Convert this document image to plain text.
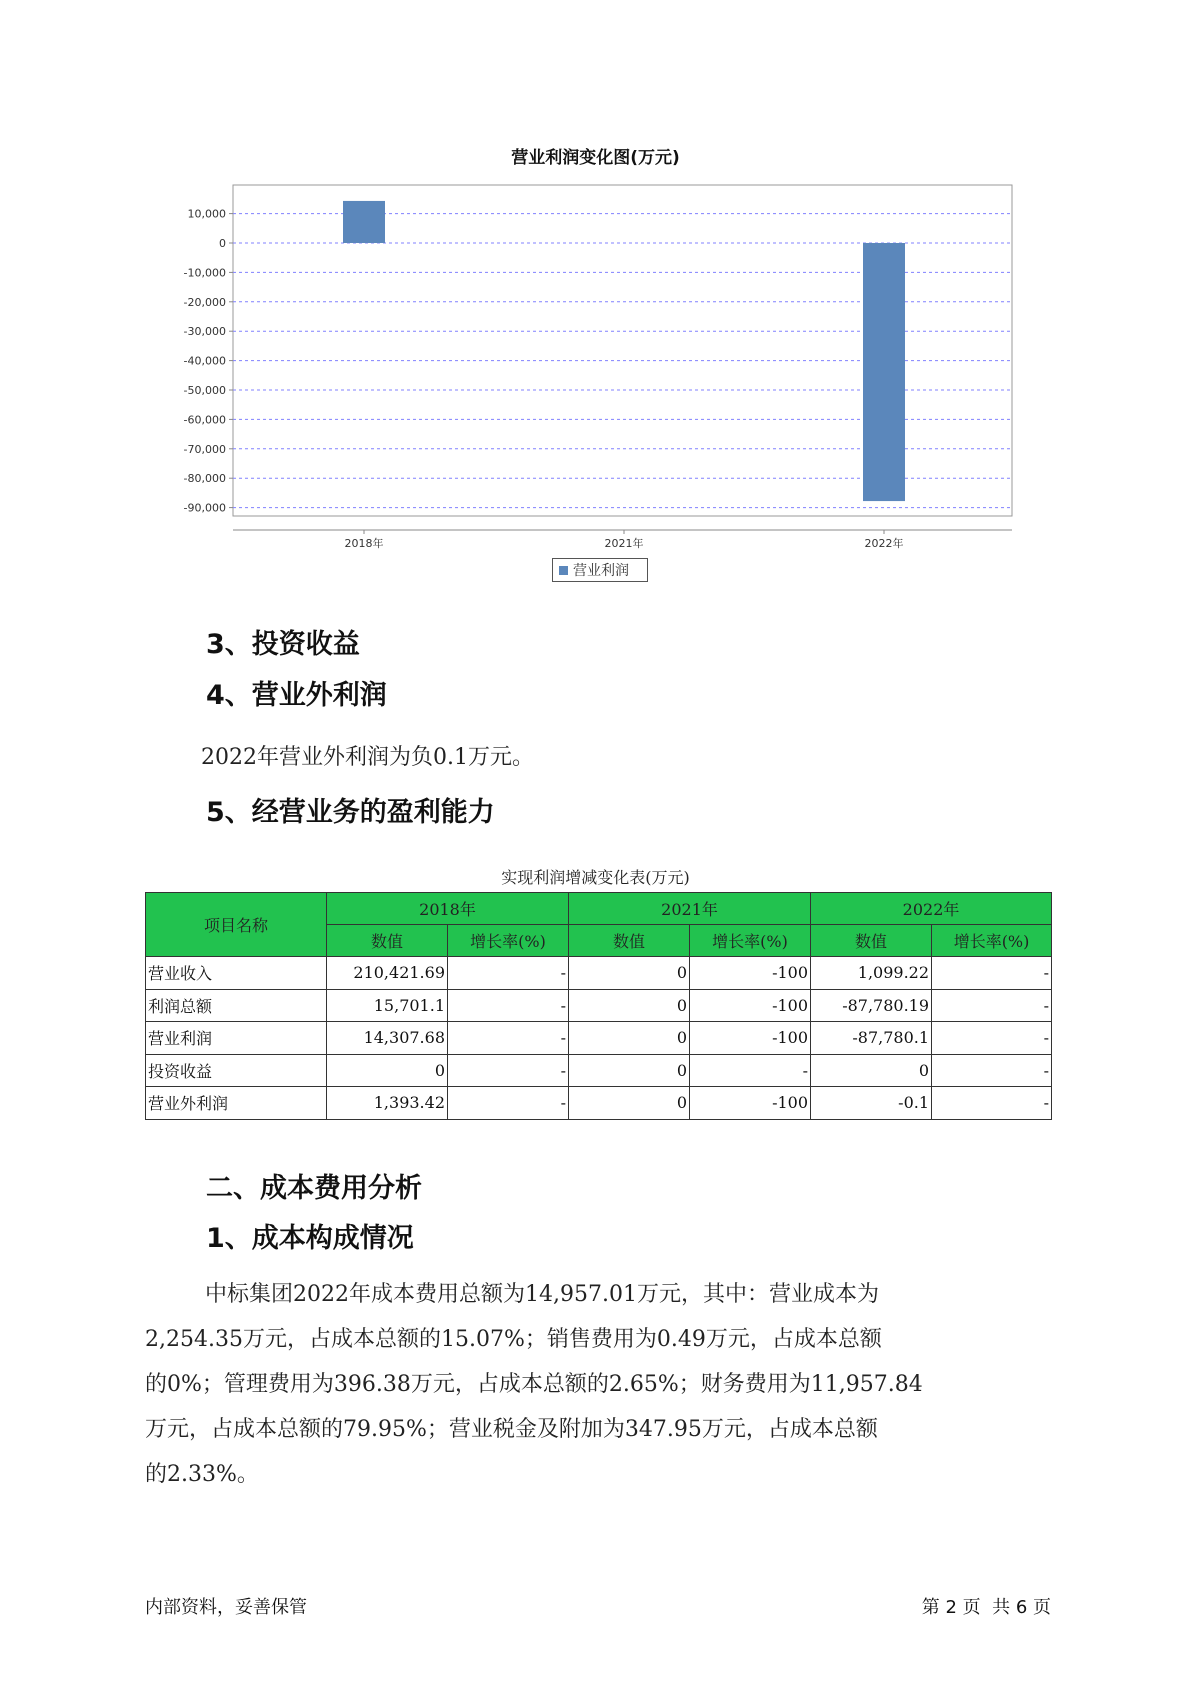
营业利润变化图(万元)
10,000
0
-10,000
-20,000
-30,000
-40,000
-50,000
-60,000
-70,000
-80,000
-90,000
2018年	2021年	2022年
营业利润
3、投资收益
4、营业外利润
2022年营业外利润为负0.1万元。
5、经营业务的盈利能力
实现利润增减变化表(万元)
项目名称	2018年		2021年		2022年	
	数值	增长率(%)	数值	增长率(%)	数值	增长率(%)
营业收入	210,421.69	-	0	-100	1,099.22	-
利润总额	15,701.1	-	0	-100	-87,780.19	-
营业利润	14,307.68	-	0	-100	-87,780.1	-
投资收益	0	-	0	-	0	-
营业外利润	1,393.42	-	0	-100	-0.1	-
二、成本费用分析
1、成本构成情况
中标集团2022年成本费用总额为14,957.01万元，其中：营业成本为
2,254.35万元，占成本总额的15.07%；销售费用为0.49万元，占成本总额
的0%；管理费用为396.38万元，占成本总额的2.65%；财务费用为11,957.84
万元，占成本总额的79.95%；营业税金及附加为347.95万元，占成本总额
的2.33%。
内部资料，妥善保管	第 2 页  共 6 页
